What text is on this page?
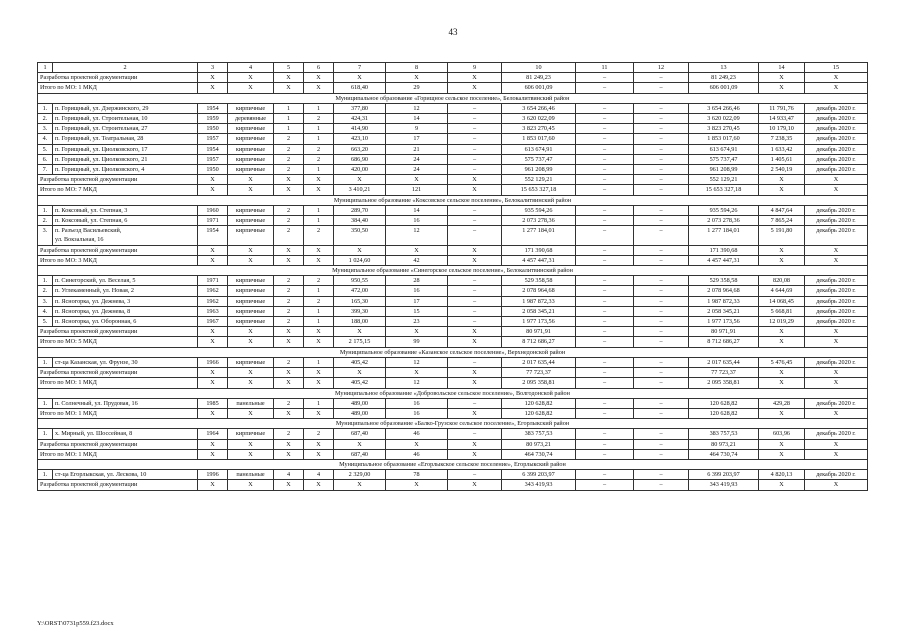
43
1	2	3	4	5	6	7	8	9	10	11	12	13	14	15
Разработка проектной документации		X	X	X	X	X	X	X	81 249,23	–	–	81 249,23	X	X
Итого по МО: 1 МКД		X	X	X	X	618,40	29	X	606 001,09	–	–	606 001,09	X	X
Муниципальное образование «Горищное сельское поселение», Белокалитвинский район														
1.	п. Горищный, ул. Дзержинского, 29	1954	кирпичные	1	1	377,80	12	–	3 654 266,46	–	–	3 654 266,46	11 791,76	декабрь 2020 г.
2.	п. Горищный, ул. Строительная, 10	1959	деревянные	1	2	424,31	14	–	3 620 022,09	–	–	3 620 022,09	14 933,47	декабрь 2020 г.
3.	п. Горищный, ул. Строительная, 27	1950	кирпичные	1	1	414,90	9	–	3 823 270,45	–	–	3 823 270,45	10 179,10	декабрь 2020 г.
4.	п. Горищный, ул. Театральная, 28	1957	кирпичные	2	1	423,10	17	–	1 853 017,60	–	–	1 853 017,60	7 238,35	декабрь 2020 г.
5.	п. Горищный, ул. Циолковского, 17	1954	кирпичные	2	2	663,20	21	–	613 674,91	–	–	613 674,91	1 633,42	декабрь 2020 г.
6.	п. Горищный, ул. Циолковского, 21	1957	кирпичные	2	2	686,90	24	–	575 737,47	–	–	575 737,47	1 405,61	декабрь 2020 г.
7.	п. Горищный, ул. Циолковского, 4	1950	кирпичные	2	1	420,00	24	–	961 208,99	–	–	961 208,99	2 540,19	декабрь 2020 г.
Разработка проектной документации		X	X	X	X	X	X	X	552 129,21	–	–	552 129,21	X	X
Итого по МО: 7 МКД		X	X	X	X	3 410,21	121	X	15 653 327,18	–	–	15 653 327,18	X	X
Муниципальное образование «Коксовское сельское поселение», Белокалитвинский район														
1.	п. Коксовый, ул. Степная, 3	1960	кирпичные	2	1	289,70	14	–	935 594,26	–	–	935 594,26	4 847,64	декабрь 2020 г.
2.	п. Коксовый, ул. Степная, 6	1971	кирпичные	2	1	384,40	16	–	2 073 278,36	–	–	2 073 278,36	7 865,24	декабрь 2020 г.
3.	п. Разъезд Васильевский,
ул. Вокзальная, 16	1954	кирпичные	2	2	350,50	12	–	1 277 184,01	–	–	1 277 184,01	5 191,80	декабрь 2020 г.
Разработка проектной документации		X	X	X	X	X	X	X	171 390,68	–	–	171 390,68	X	X
Итого по МО: 3 МКД		X	X	X	X	1 024,60	42	X	4 457 447,31	–	–	4 457 447,31	X	X
Муниципальное образование «Синегорское сельское поселение», Белокалитвинский район														
1.	п. Синегорский, ул. Веселая, 5	1971	кирпичные	2	2	950,55	28	–	529 358,58	–	–	529 358,58	820,08	декабрь 2020 г.
2.	п. Углекаменный, ул. Новая, 2	1962	кирпичные	2	1	472,00	16	–	2 078 964,68	–	–	2 078 964,68	4 644,69	декабрь 2020 г.
3.	п. Ясногорка, ул. Дежнева, 3	1962	кирпичные	2	2	165,30	17	–	1 987 872,33	–	–	1 987 872,33	14 068,45	декабрь 2020 г.
4.	п. Ясногорка, ул. Дежнева, 8	1963	кирпичные	2	1	399,30	15	–	2 058 345,21	–	–	2 058 345,21	5 668,81	декабрь 2020 г.
5.	п. Ясногорка, ул. Оборонная, 6	1967	кирпичные	2	1	188,00	23	–	1 977 173,56	–	–	1 977 173,56	12 019,29	декабрь 2020 г.
Разработка проектной документации		X	X	X	X	X	X	X	80 971,91	–	–	80 971,91	X	X
Итого по МО: 5 МКД		X	X	X	X	2 175,15	99	X	8 712 686,27	–	–	8 712 686,27	X	X
Муниципальное образование «Казанское сельское поселение», Верхнедонской район														
1.	ст-ца Казанская, ул. Фрунзе, 30	1966	кирпичные	2	1	405,42	12	–	2 017 635,44	–	–	2 017 635,44	5 476,45	декабрь 2020 г.
Разработка проектной документации		X	X	X	X	X	X	X	77 723,37	–	–	77 723,37	X	X
Итого по МО: 1 МКД		X	X	X	X	405,42	12	X	2 095 358,81	–	–	2 095 358,81	X	X
Муниципальное образование «Добровольское сельское поселение», Волгодонской район														
1.	п. Солнечный, ул. Прудовая, 16	1985	панельные	2	1	489,00	16	–	120 628,82	–	–	120 628,82	429,28	декабрь 2020 г.
Итого по МО: 1 МКД		X	X	X	X	489,00	16	X	120 628,82	–	–	120 628,82	X	X
Муниципальное образование «Балко-Грузское сельское поселение», Егорлыкский район														
1.	х. Мирный, ул. Шоссейная, 8	1964	кирпичные	2	2	687,40	46	–	383 757,53	–	–	383 757,53	603,96	декабрь 2020 г.
Разработка проектной документации		X	X	X	X	X	X	X	80 973,21	–	–	80 973,21	X	X
Итого по МО: 1 МКД		X	X	X	X	687,40	46	X	464 730,74	–	–	464 730,74	X	X
Муниципальное образование «Егорлыкское сельское поселение», Егорлыкский район														
1.	ст-ца Егорлыкская, ул. Лескова, 10	1996	панельные	4	4	2 329,00	78	–	6 399 203,97	–	–	6 399 203,97	4 820,13	декабрь 2020 г.
Разработка проектной документации		X	X	X	X	X	X	X	343 419,93	–	–	343 419,93	X	X
Y:\ORST\0731p559.f23.docx
